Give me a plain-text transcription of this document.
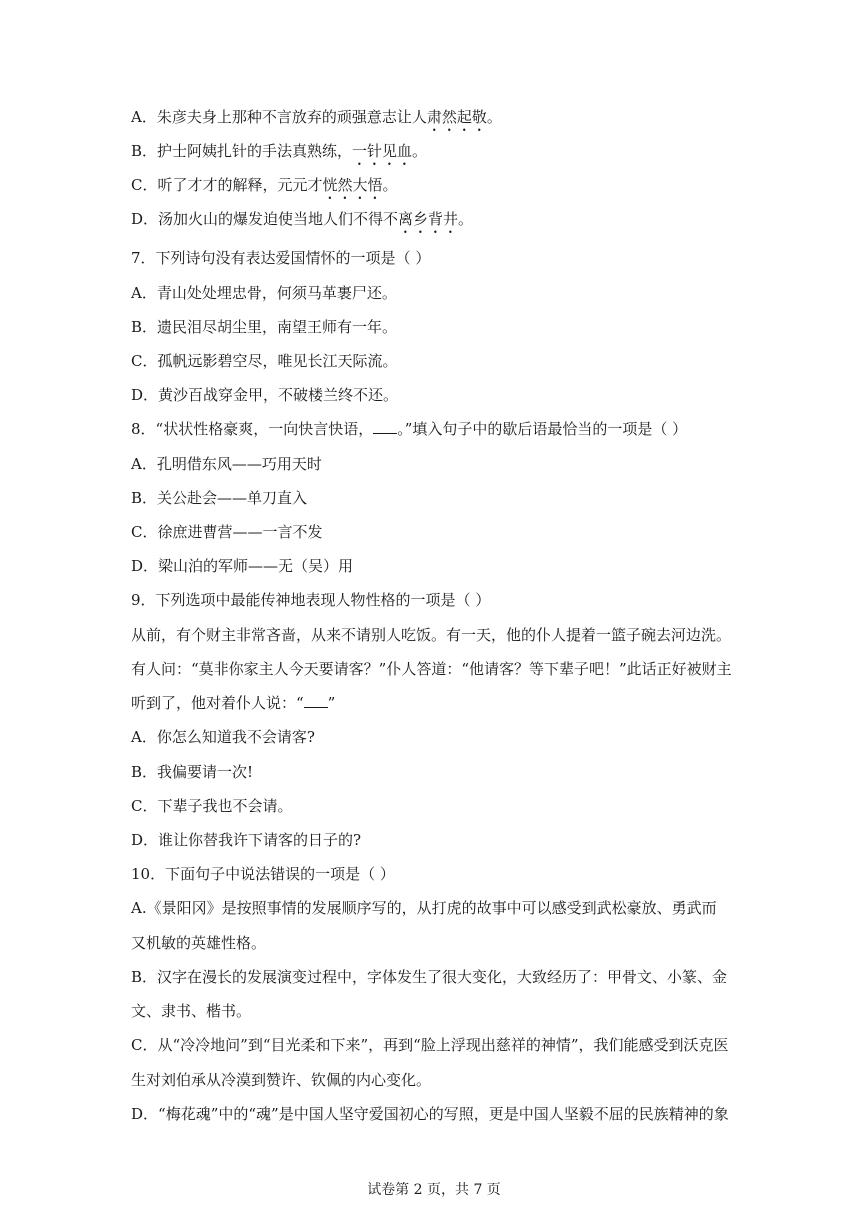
A．朱彦夫身上那种不言放弃的顽强意志让人肃然起敬。
B．护士阿姨扎针的手法真熟练，一针见血。
C．听了才才的解释，元元才恍然大悟。
D．汤加火山的爆发迫使当地人们不得不离乡背井。
7．下列诗句没有表达爱国情怀的一项是（ ）
A．青山处处埋忠骨，何须马革裹尸还。
B．遗民泪尽胡尘里，南望王师有一年。
C．孤帆远影碧空尽，唯见长江天际流。
D．黄沙百战穿金甲，不破楼兰终不还。
8．“状状性格豪爽，一向快言快语， 。”填入句子中的歇后语最恰当的一项是（ ）
A．孔明借东风——巧用天时
B．关公赴会——单刀直入
C．徐庶进曹营——一言不发
D．梁山泊的军师——无（吴）用
9．下列选项中最能传神地表现人物性格的一项是（ ）
从前，有个财主非常吝啬，从来不请别人吃饭。有一天，他的仆人提着一篮子碗去河边洗。
有人问：“莫非你家主人今天要请客？”仆人答道：“他请客？等下辈子吧！”此话正好被财主
听到了，他对着仆人说：“ ”
A．你怎么知道我不会请客?
B．我偏要请一次!
C．下辈子我也不会请。
D．谁让你替我许下请客的日子的?
10．下面句子中说法错误的一项是（ ）
A.《景阳冈》是按照事情的发展顺序写的，从打虎的故事中可以感受到武松豪放、勇武而
又机敏的英雄性格。
B．汉字在漫长的发展演变过程中，字体发生了很大变化，大致经历了：甲骨文、小篆、金
文、隶书、楷书。
C．从“冷冷地问”到“目光柔和下来”，再到“脸上浮现出慈祥的神情”，我们能感受到沃克医
生对刘伯承从冷漠到赞许、钦佩的内心变化。
D．“梅花魂”中的“魂”是中国人坚守爱国初心的写照，更是中国人坚毅不屈的民族精神的象
试卷第 2 页，共 7 页
